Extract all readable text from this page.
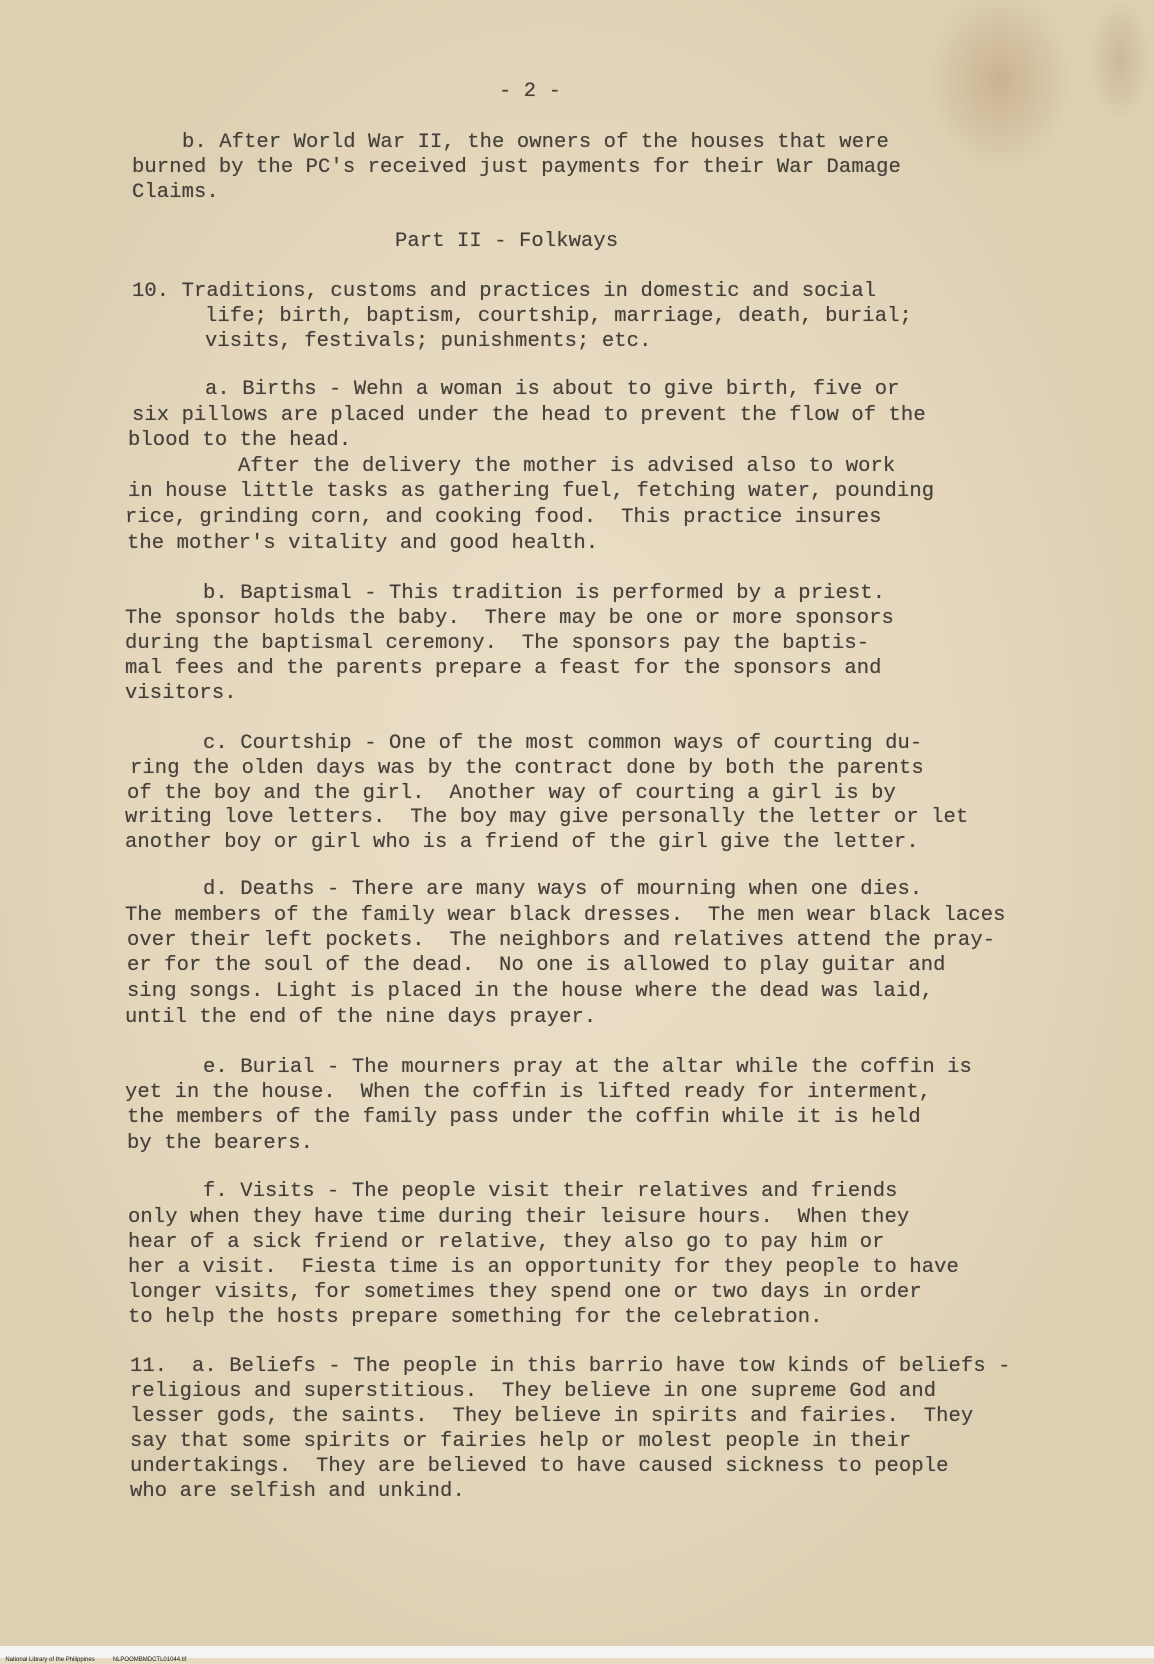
- 2 -
b. After World War II, the owners of the houses that were
burned by the PC's received just payments for their War Damage
Claims.
Part II - Folkways
10. Traditions, customs and practices in domestic and social
life; birth, baptism, courtship, marriage, death, burial;
visits, festivals; punishments; etc.
a. Births - Wehn a woman is about to give birth, five or
six pillows are placed under the head to prevent the flow of the
blood to the head.
After the delivery the mother is advised also to work
in house little tasks as gathering fuel, fetching water, pounding
rice, grinding corn, and cooking food.  This practice insures
the mother's vitality and good health.
b. Baptismal - This tradition is performed by a priest.
The sponsor holds the baby.  There may be one or more sponsors
during the baptismal ceremony.  The sponsors pay the baptis-
mal fees and the parents prepare a feast for the sponsors and
visitors.
c. Courtship - One of the most common ways of courting du-
ring the olden days was by the contract done by both the parents
of the boy and the girl.  Another way of courting a girl is by
writing love letters.  The boy may give personally the letter or let
another boy or girl who is a friend of the girl give the letter.
d. Deaths - There are many ways of mourning when one dies.
The members of the family wear black dresses.  The men wear black laces
over their left pockets.  The neighbors and relatives attend the pray-
er for the soul of the dead.  No one is allowed to play guitar and
sing songs. Light is placed in the house where the dead was laid,
until the end of the nine days prayer.
e. Burial - The mourners pray at the altar while the coffin is
yet in the house.  When the coffin is lifted ready for interment,
the members of the family pass under the coffin while it is held
by the bearers.
f. Visits - The people visit their relatives and friends
only when they have time during their leisure hours.  When they
hear of a sick friend or relative, they also go to pay him or
her a visit.  Fiesta time is an opportunity for they people to have
longer visits, for sometimes they spend one or two days in order
to help the hosts prepare something for the celebration.
11.  a. Beliefs - The people in this barrio have tow kinds of beliefs -
religious and superstitious.  They believe in one supreme God and
lesser gods, the saints.  They believe in spirits and fairies.  They
say that some spirits or fairies help or molest people in their
undertakings.  They are believed to have caused sickness to people
who are selfish and unkind.

National Library of the Philippines	NLPOOMBMDCTL01044.tif
